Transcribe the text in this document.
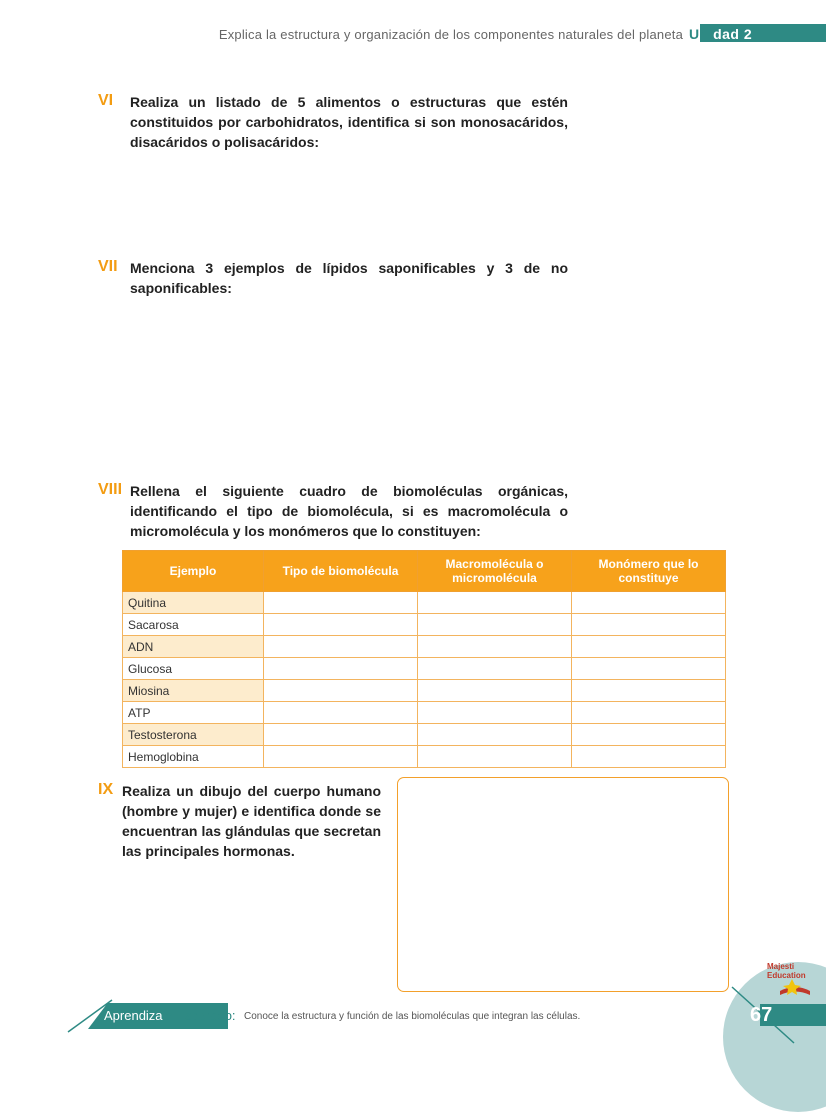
Explica la estructura y organización de los componentes naturales del planeta Unidad 2
VI Realiza un listado de 5 alimentos o estructuras que estén constituidos por carbohidratos, identifica si son monosacáridos, disacáridos o polisacáridos:
VII Menciona 3 ejemplos de lípidos saponificables y 3 de no saponificables:
VIII Rellena el siguiente cuadro de biomoléculas orgánicas, identificando el tipo de biomolécula, si es macromolécula o micromolécula y los monómeros que lo constituyen:
Ejemplo	Tipo de biomolécula	Macromolécula o micromolécula	Monómero que lo constituye
Quitina			
Sacarosa			
ADN			
Glucosa			
Miosina			
ATP			
Testosterona			
Hemoglobina			
IX Realiza un dibujo del cuerpo humano (hombre y mujer) e identifica donde se encuentran las glándulas que secretan las principales hormonas.
Aprendizaje Esperado: Conoce la estructura y función de las biomoléculas que integran las células.	67
Majesti
Education
